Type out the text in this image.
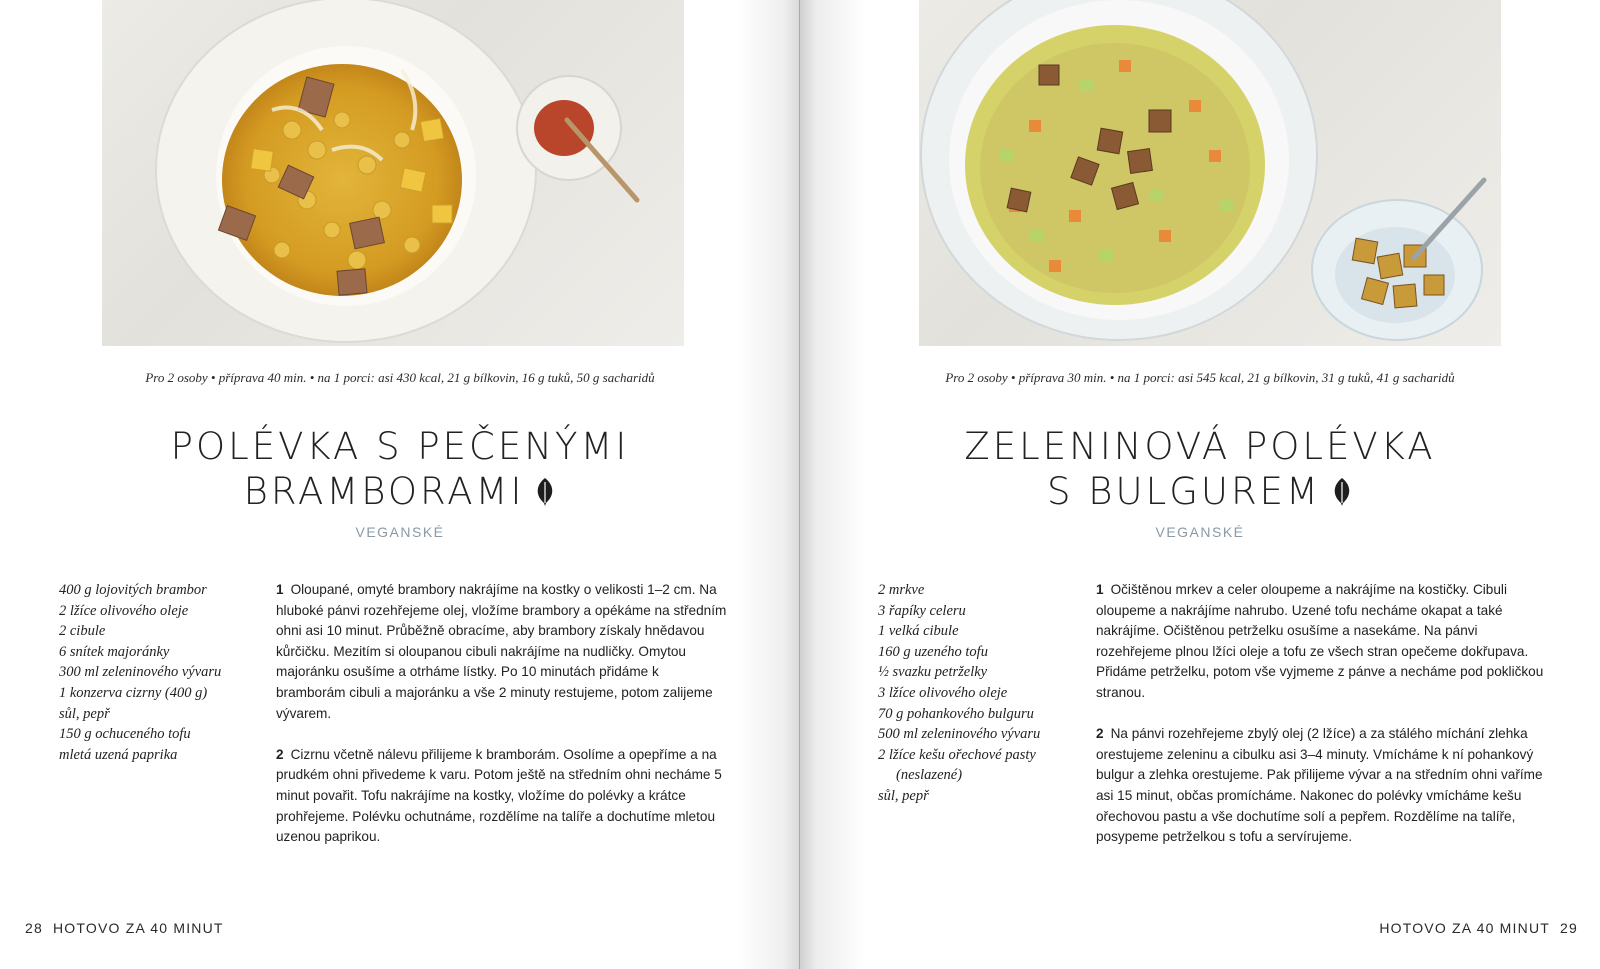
Pro 2 osoby • příprava 40 min. • na 1 porci: asi 430 kcal, 21 g bílkovin, 16 g tuků, 50 g sacharidů
POLÉVKA S PEČENÝMI
BRAMBORAMI
VEGANSKÉ
400 g lojovitých brambor
2 lžíce olivového oleje
2 cibule
6 snítek majoránky
300 ml zeleninového vývaru
1 konzerva cizrny (400 g)
sůl, pepř
150 g ochuceného tofu
mletá uzená paprika

1 Oloupané, omyté brambory nakrájíme na kostky o velikosti 1–2 cm. Na hluboké pánvi rozehřejeme olej, vložíme brambory a opékáme na středním ohni asi 10 minut. Průběžně obracíme, aby brambory získaly hnědavou kůrčičku. Mezitím si oloupanou cibuli nakrájíme na nudličky. Omytou majoránku osušíme a otrháme lístky. Po 10 minutách přidáme k bramborám cibuli a majoránku a vše 2 minuty restujeme, potom zalijeme vývarem.

2 Cizrnu včetně nálevu přilijeme k bramborám. Osolíme a opepříme a na prudkém ohni přivedeme k varu. Potom ještě na středním ohni necháme 5 minut povařit. Tofu nakrájíme na kostky, vložíme do polévky a krátce prohřejeme. Polévku ochutnáme, rozdělíme na talíře a dochutíme mletou uzenou paprikou.

28 HOTOVO ZA 40 MINUT
Pro 2 osoby • příprava 30 min. • na 1 porci: asi 545 kcal, 21 g bílkovin, 31 g tuků, 41 g sacharidů
ZELENINOVÁ POLÉVKA
S BULGUREM
VEGANSKÉ
2 mrkve
3 řapíky celeru
1 velká cibule
160 g uzeného tofu
½ svazku petrželky
3 lžíce olivového oleje
70 g pohankového bulguru
500 ml zeleninového vývaru
2 lžíce kešu ořechové pasty
(neslazené)
sůl, pepř

1 Očištěnou mrkev a celer oloupeme a nakrájíme na kostičky. Cibuli oloupeme a nakrájíme nahrubo. Uzené tofu necháme okapat a také nakrájíme. Očištěnou petrželku osušíme a nasekáme. Na pánvi rozehřejeme plnou lžíci oleje a tofu ze všech stran opečeme dokřupava. Přidáme petrželku, potom vše vyjmeme z pánve a necháme pod pokličkou stranou.

2 Na pánvi rozehřejeme zbylý olej (2 lžíce) a za stálého míchání zlehka orestujeme zeleninu a cibulku asi 3–4 minuty. Vmícháme k ní pohankový bulgur a zlehka orestujeme. Pak přilijeme vývar a na středním ohni vaříme asi 15 minut, občas promícháme. Nakonec do polévky vmícháme kešu ořechovou pastu a vše dochutíme solí a pepřem. Rozdělíme na talíře, posypeme petrželkou s tofu a servírujeme.

HOTOVO ZA 40 MINUT 29
